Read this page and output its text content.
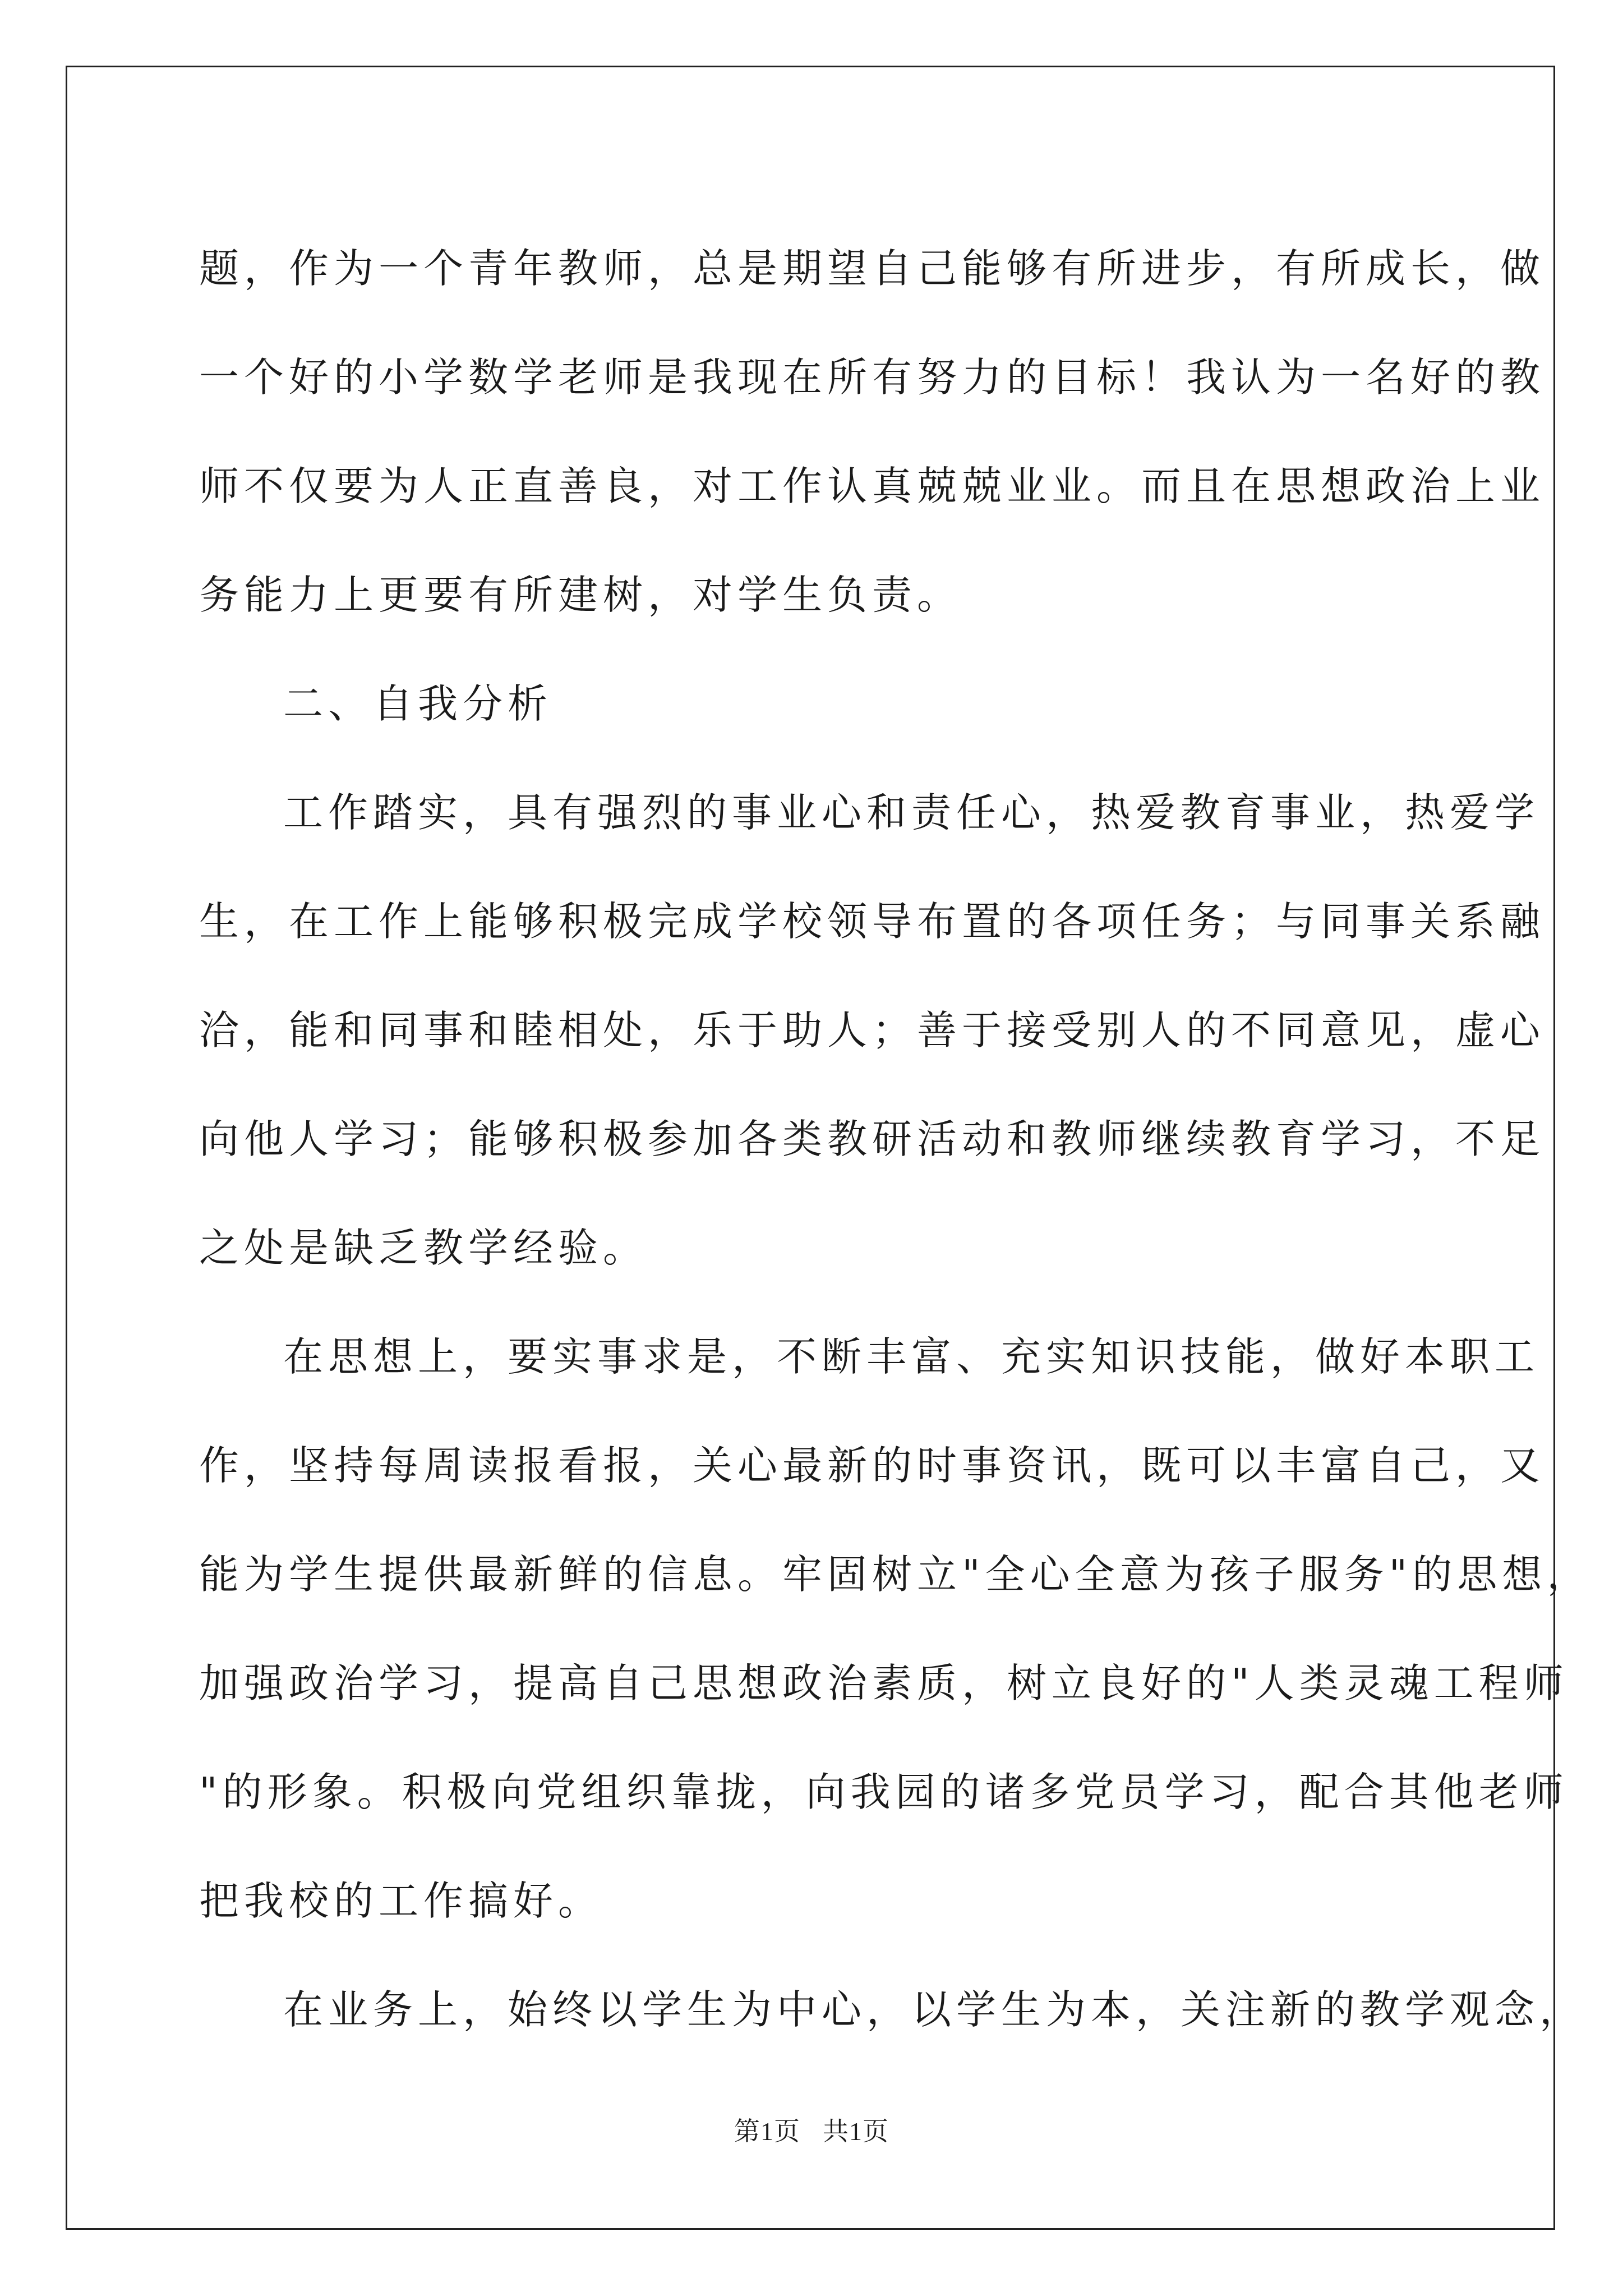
题，作为一个青年教师，总是期望自己能够有所进步，有所成长，做
一个好的小学数学老师是我现在所有努力的目标！我认为一名好的教
师不仅要为人正直善良，对工作认真兢兢业业。而且在思想政治上业
务能力上更要有所建树，对学生负责。

二、自我分析

工作踏实，具有强烈的事业心和责任心，热爱教育事业，热爱学
生，在工作上能够积极完成学校领导布置的各项任务；与同事关系融
洽，能和同事和睦相处，乐于助人；善于接受别人的不同意见，虚心
向他人学习；能够积极参加各类教研活动和教师继续教育学习，不足
之处是缺乏教学经验。

在思想上，要实事求是，不断丰富、充实知识技能，做好本职工
作，坚持每周读报看报，关心最新的时事资讯，既可以丰富自己，又
能为学生提供最新鲜的信息。牢固树立"全心全意为孩子服务"的思想，
加强政治学习，提高自己思想政治素质，树立良好的"人类灵魂工程师
"的形象。积极向党组织靠拢，向我园的诸多党员学习，配合其他老师
把我校的工作搞好。

在业务上，始终以学生为中心，以学生为本，关注新的教学观念，

第1页 共1页
